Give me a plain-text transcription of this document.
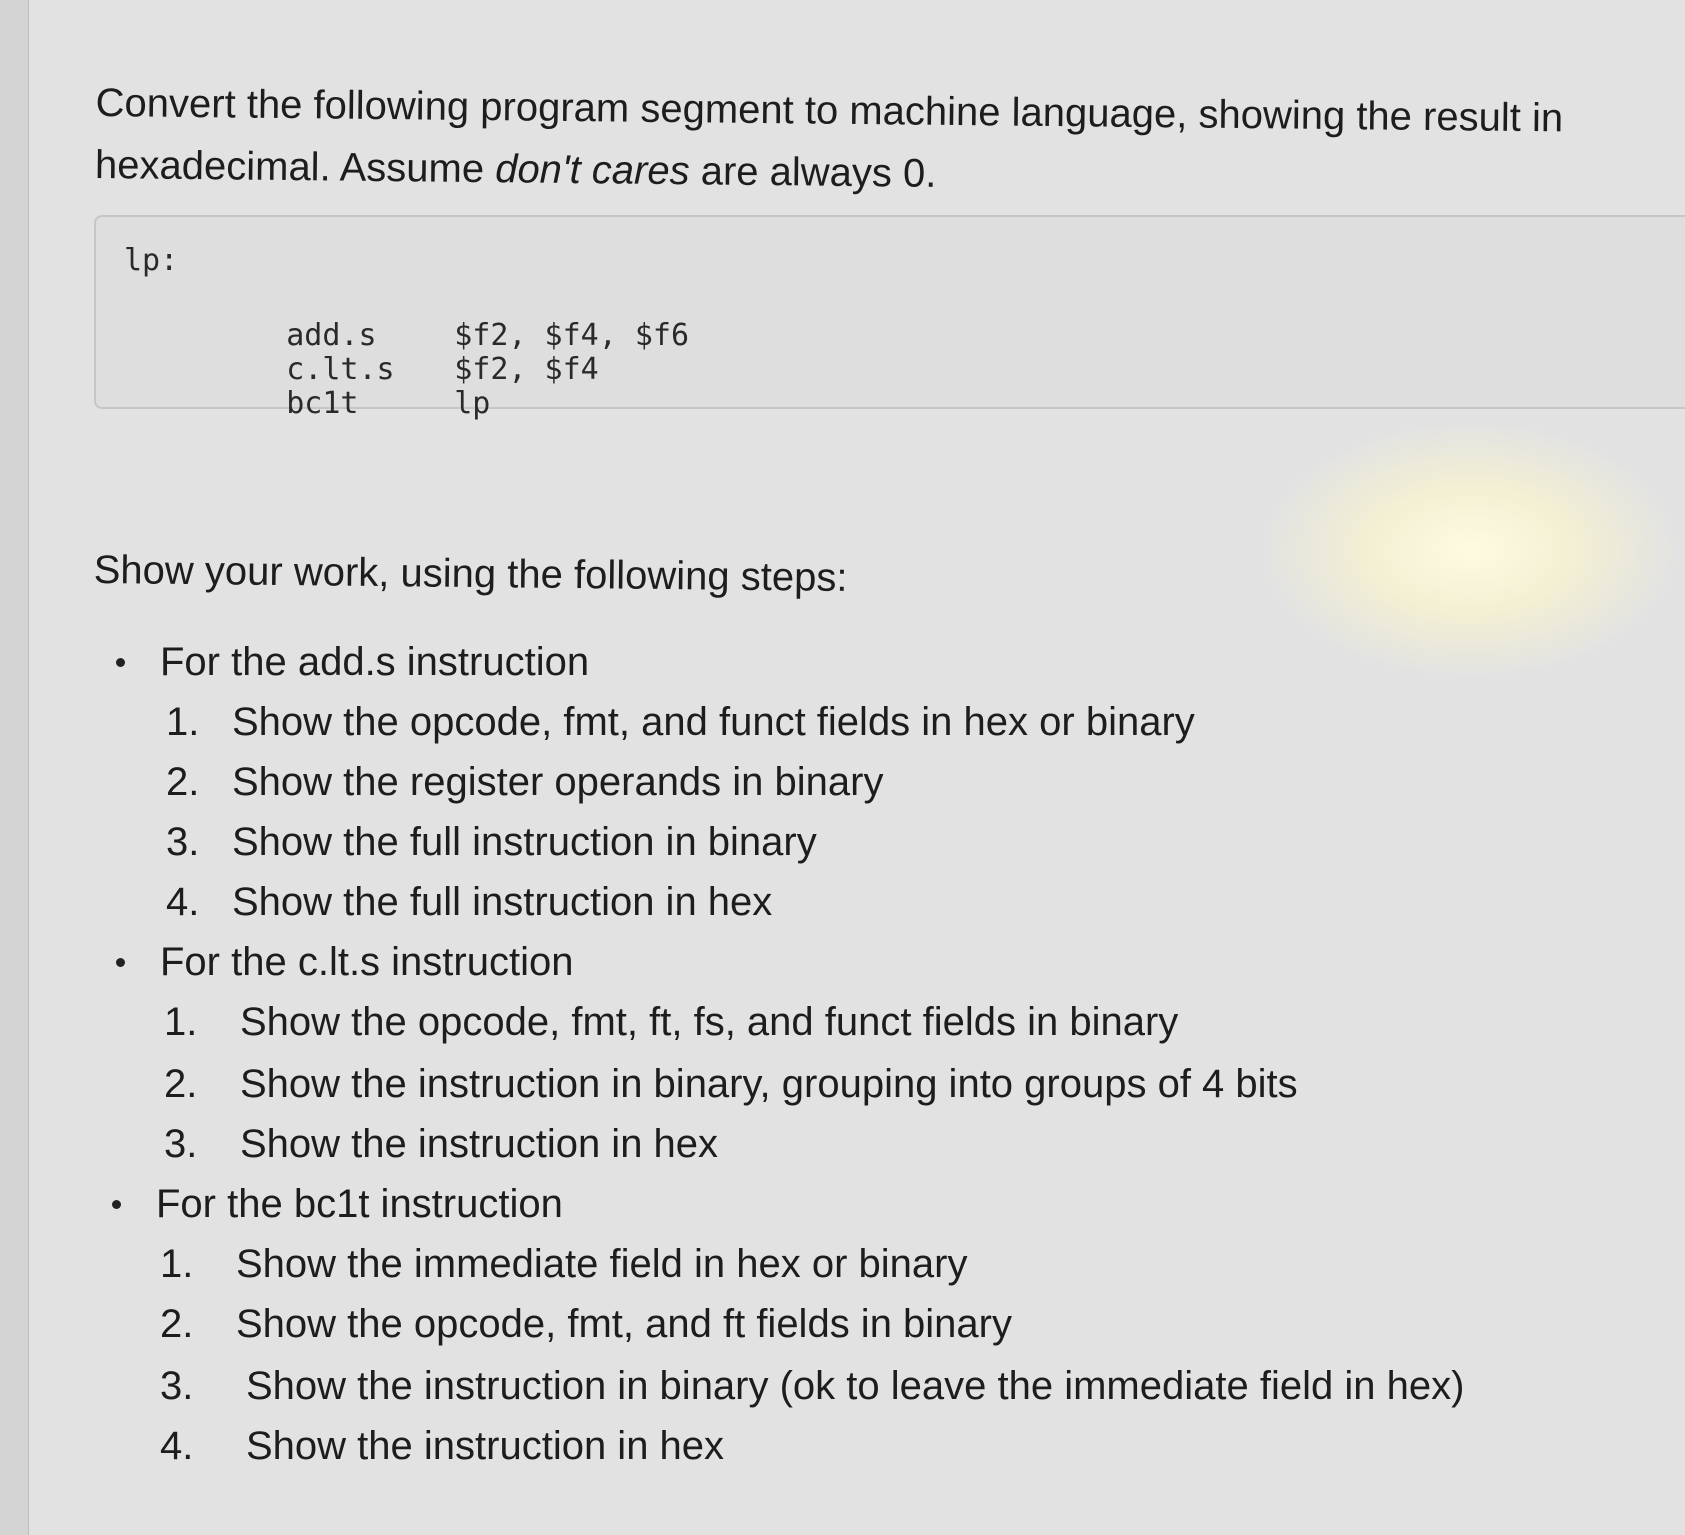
Convert the following program segment to machine language, showing the result in hexadecimal. Assume don't cares are always 0.

lp:

add.s	$f2, $f4, $f6

c.lt.s $f2, $f4

bc1t	lp

Show your work, using the following steps:
For the add.s instruction
1. Show the opcode, fmt, and funct fields in hex or binary
2. Show the register operands in binary
3. Show the full instruction in binary
4. Show the full instruction in hex
For the c.lt.s instruction
1. Show the opcode, fmt, ft, fs, and funct fields in binary
2. Show the instruction in binary, grouping into groups of 4 bits
3. Show the instruction in hex
For the bc1t instruction
1. Show the immediate field in hex or binary
2. Show the opcode, fmt, and ft fields in binary
3. Show the instruction in binary (ok to leave the immediate field in hex)
4. Show the instruction in hex
